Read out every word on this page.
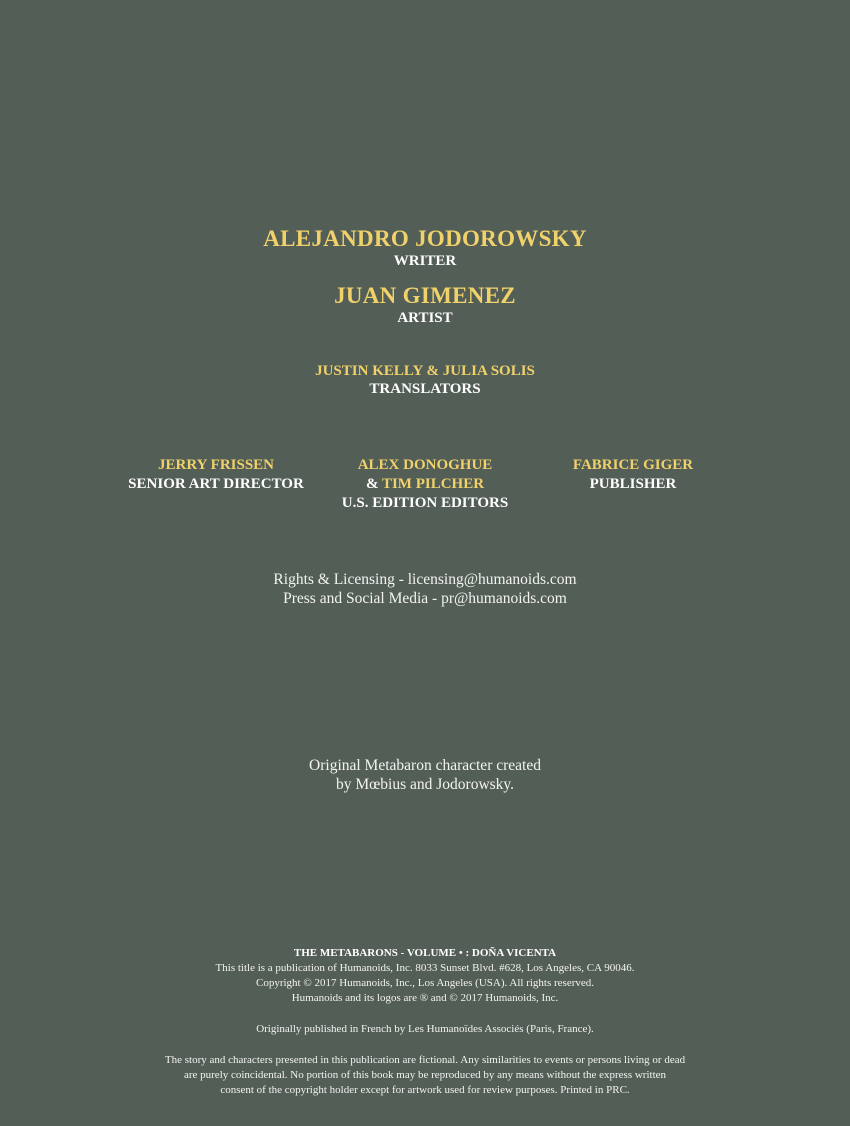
ALEJANDRO JODOROWSKY
WRITER
JUAN GIMENEZ
ARTIST
JUSTIN KELLY & JULIA SOLIS
TRANSLATORS
JERRY FRISSEN
SENIOR ART DIRECTOR
ALEX DONOGHUE
& TIM PILCHER
U.S. EDITION EDITORS
FABRICE GIGER
PUBLISHER
Rights & Licensing - licensing@humanoids.com
Press and Social Media - pr@humanoids.com
Original Metabaron character created
by Mœbius and Jodorowsky.
THE METABARONS - VOLUME • : DOÑA VICENTA
This title is a publication of Humanoids, Inc. 8033 Sunset Blvd. #628, Los Angeles, CA 90046.
Copyright © 2017 Humanoids, Inc., Los Angeles (USA). All rights reserved.
Humanoids and its logos are ® and © 2017 Humanoids, Inc.
Originally published in French by Les Humanoïdes Associés (Paris, France).
The story and characters presented in this publication are fictional. Any similarities to events or persons living or dead
are purely coincidental. No portion of this book may be reproduced by any means without the express written
consent of the copyright holder except for artwork used for review purposes. Printed in PRC.
